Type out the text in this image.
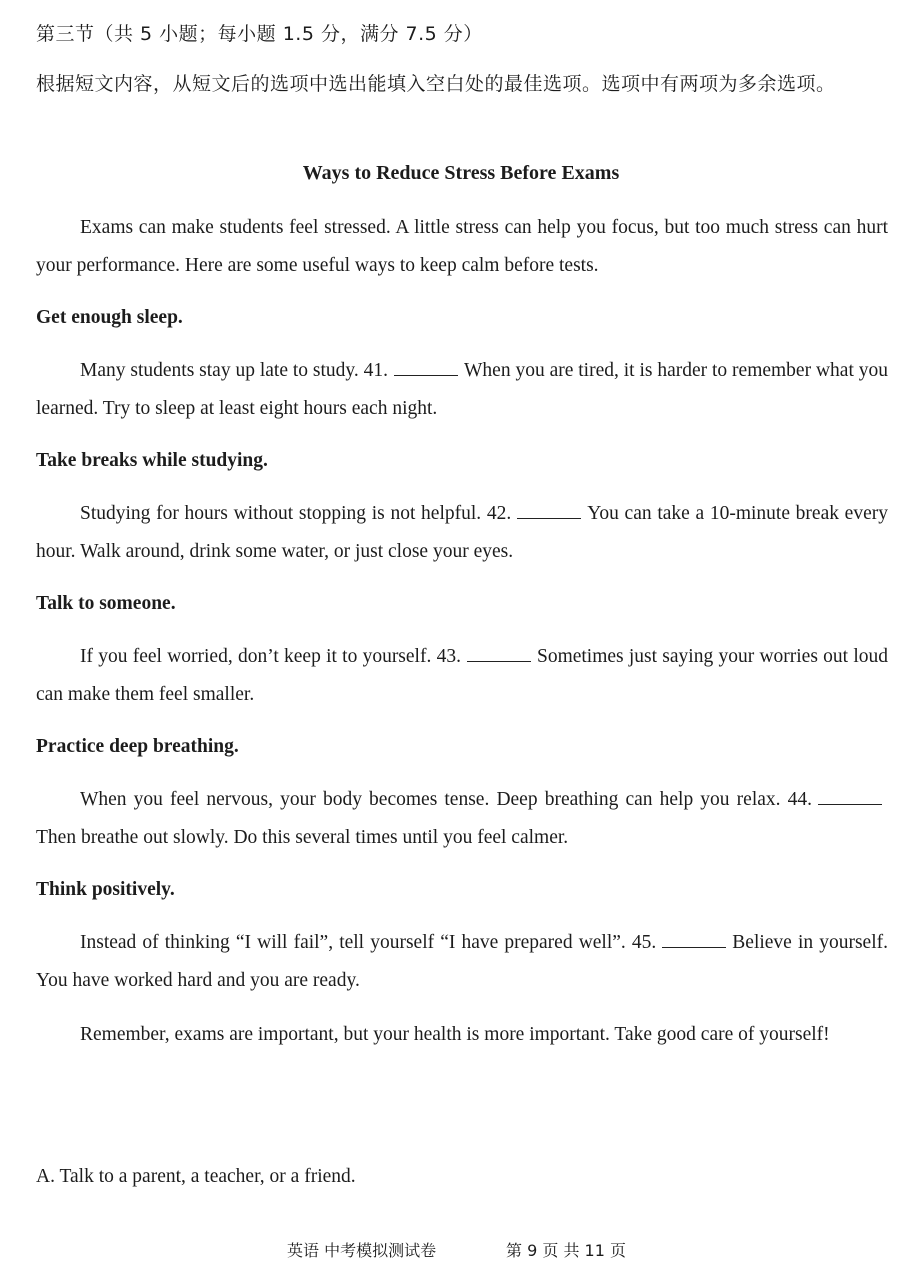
第三节（共 5 小题；每小题 1.5 分，满分 7.5 分）
根据短文内容，从短文后的选项中选出能填入空白处的最佳选项。选项中有两项为多余选项。
Ways to Reduce Stress Before Exams
Exams can make students feel stressed. A little stress can help you focus, but too much stress can hurt your performance. Here are some useful ways to keep calm before tests.
Get enough sleep.
Many students stay up late to study. 41.	When you are tired, it is harder to remember what you learned. Try to sleep at least eight hours each night.
Take breaks while studying.
Studying for hours without stopping is not helpful. 42.	You can take a 10-minute break every hour. Walk around, drink some water, or just close your eyes.
Talk to someone.
If you feel worried, don’t keep it to yourself. 43.	Sometimes just saying your worries out loud can make them feel smaller.
Practice deep breathing.
When you feel nervous, your body becomes tense. Deep breathing can help you relax. 44.Then breathe out slowly. Do this several times until you feel calmer.
Think positively.
Instead of thinking “I will fail”, tell yourself “I have prepared well”. 45.	Believe in yourself. You have worked hard and you are ready.
Remember, exams are important, but your health is more important. Take good care of yourself!
A. Talk to a parent, a teacher, or a friend.
英语 中考模拟测试卷	第 9 页 共 11 页
